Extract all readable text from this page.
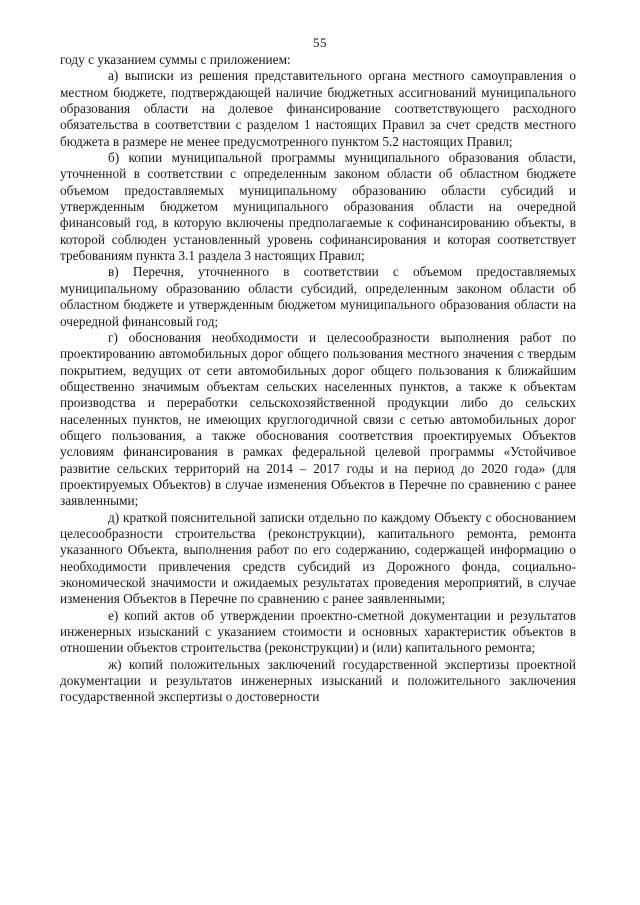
55

году с указанием суммы с приложением:

а) выписки из решения представительного органа местного самоуправления о местном бюджете, подтверждающей наличие бюджетных ассигнований муниципального образования области на долевое финансирование соответствующего расходного обязательства в соответствии с разделом 1 настоящих Правил за счет средств местного бюджета в размере не менее предусмотренного пунктом 5.2 настоящих Правил;

б) копии муниципальной программы муниципального образования области, уточненной в соответствии с определенным законом области об областном бюджете объемом предоставляемых муниципальному образованию области субсидий и утвержденным бюджетом муниципального образования области на очередной финансовый год, в которую включены предполагаемые к софинансированию объекты, в которой соблюден установленный уровень софинансирования и которая соответствует требованиям пункта 3.1 раздела 3 настоящих Правил;

в) Перечня, уточненного в соответствии с объемом предоставляемых муниципальному образованию области субсидий, определенным законом области об областном бюджете и утвержденным бюджетом муниципального образования области на очередной финансовый год;

г) обоснования необходимости и целесообразности выполнения работ по проектированию автомобильных дорог общего пользования местного значения с твердым покрытием, ведущих от сети автомобильных дорог общего пользования к ближайшим общественно значимым объектам сельских населенных пунктов, а также к объектам производства и переработки сельскохозяйственной продукции либо до сельских населенных пунктов, не имеющих круглогодичной связи с сетью автомобильных дорог общего пользования, а также обоснования соответствия проектируемых Объектов условиям финансирования в рамках федеральной целевой программы «Устойчивое развитие сельских территорий на 2014 – 2017 годы и на период до 2020 года» (для проектируемых Объектов) в случае изменения Объектов в Перечне по сравнению с ранее заявленными;

д) краткой пояснительной записки отдельно по каждому Объекту с обоснованием целесообразности строительства (реконструкции), капитального ремонта, ремонта указанного Объекта, выполнения работ по его содержанию, содержащей информацию о необходимости привлечения средств субсидий из Дорожного фонда, социально-экономической значимости и ожидаемых результатах проведения мероприятий, в случае изменения Объектов в Перечне по сравнению с ранее заявленными;

е) копий актов об утверждении проектно-сметной документации и результатов инженерных изысканий с указанием стоимости и основных характеристик объектов в отношении объектов строительства (реконструкции) и (или) капитального ремонта;

ж) копий положительных заключений государственной экспертизы проектной документации и результатов инженерных изысканий и положительного заключения государственной экспертизы о достоверности
